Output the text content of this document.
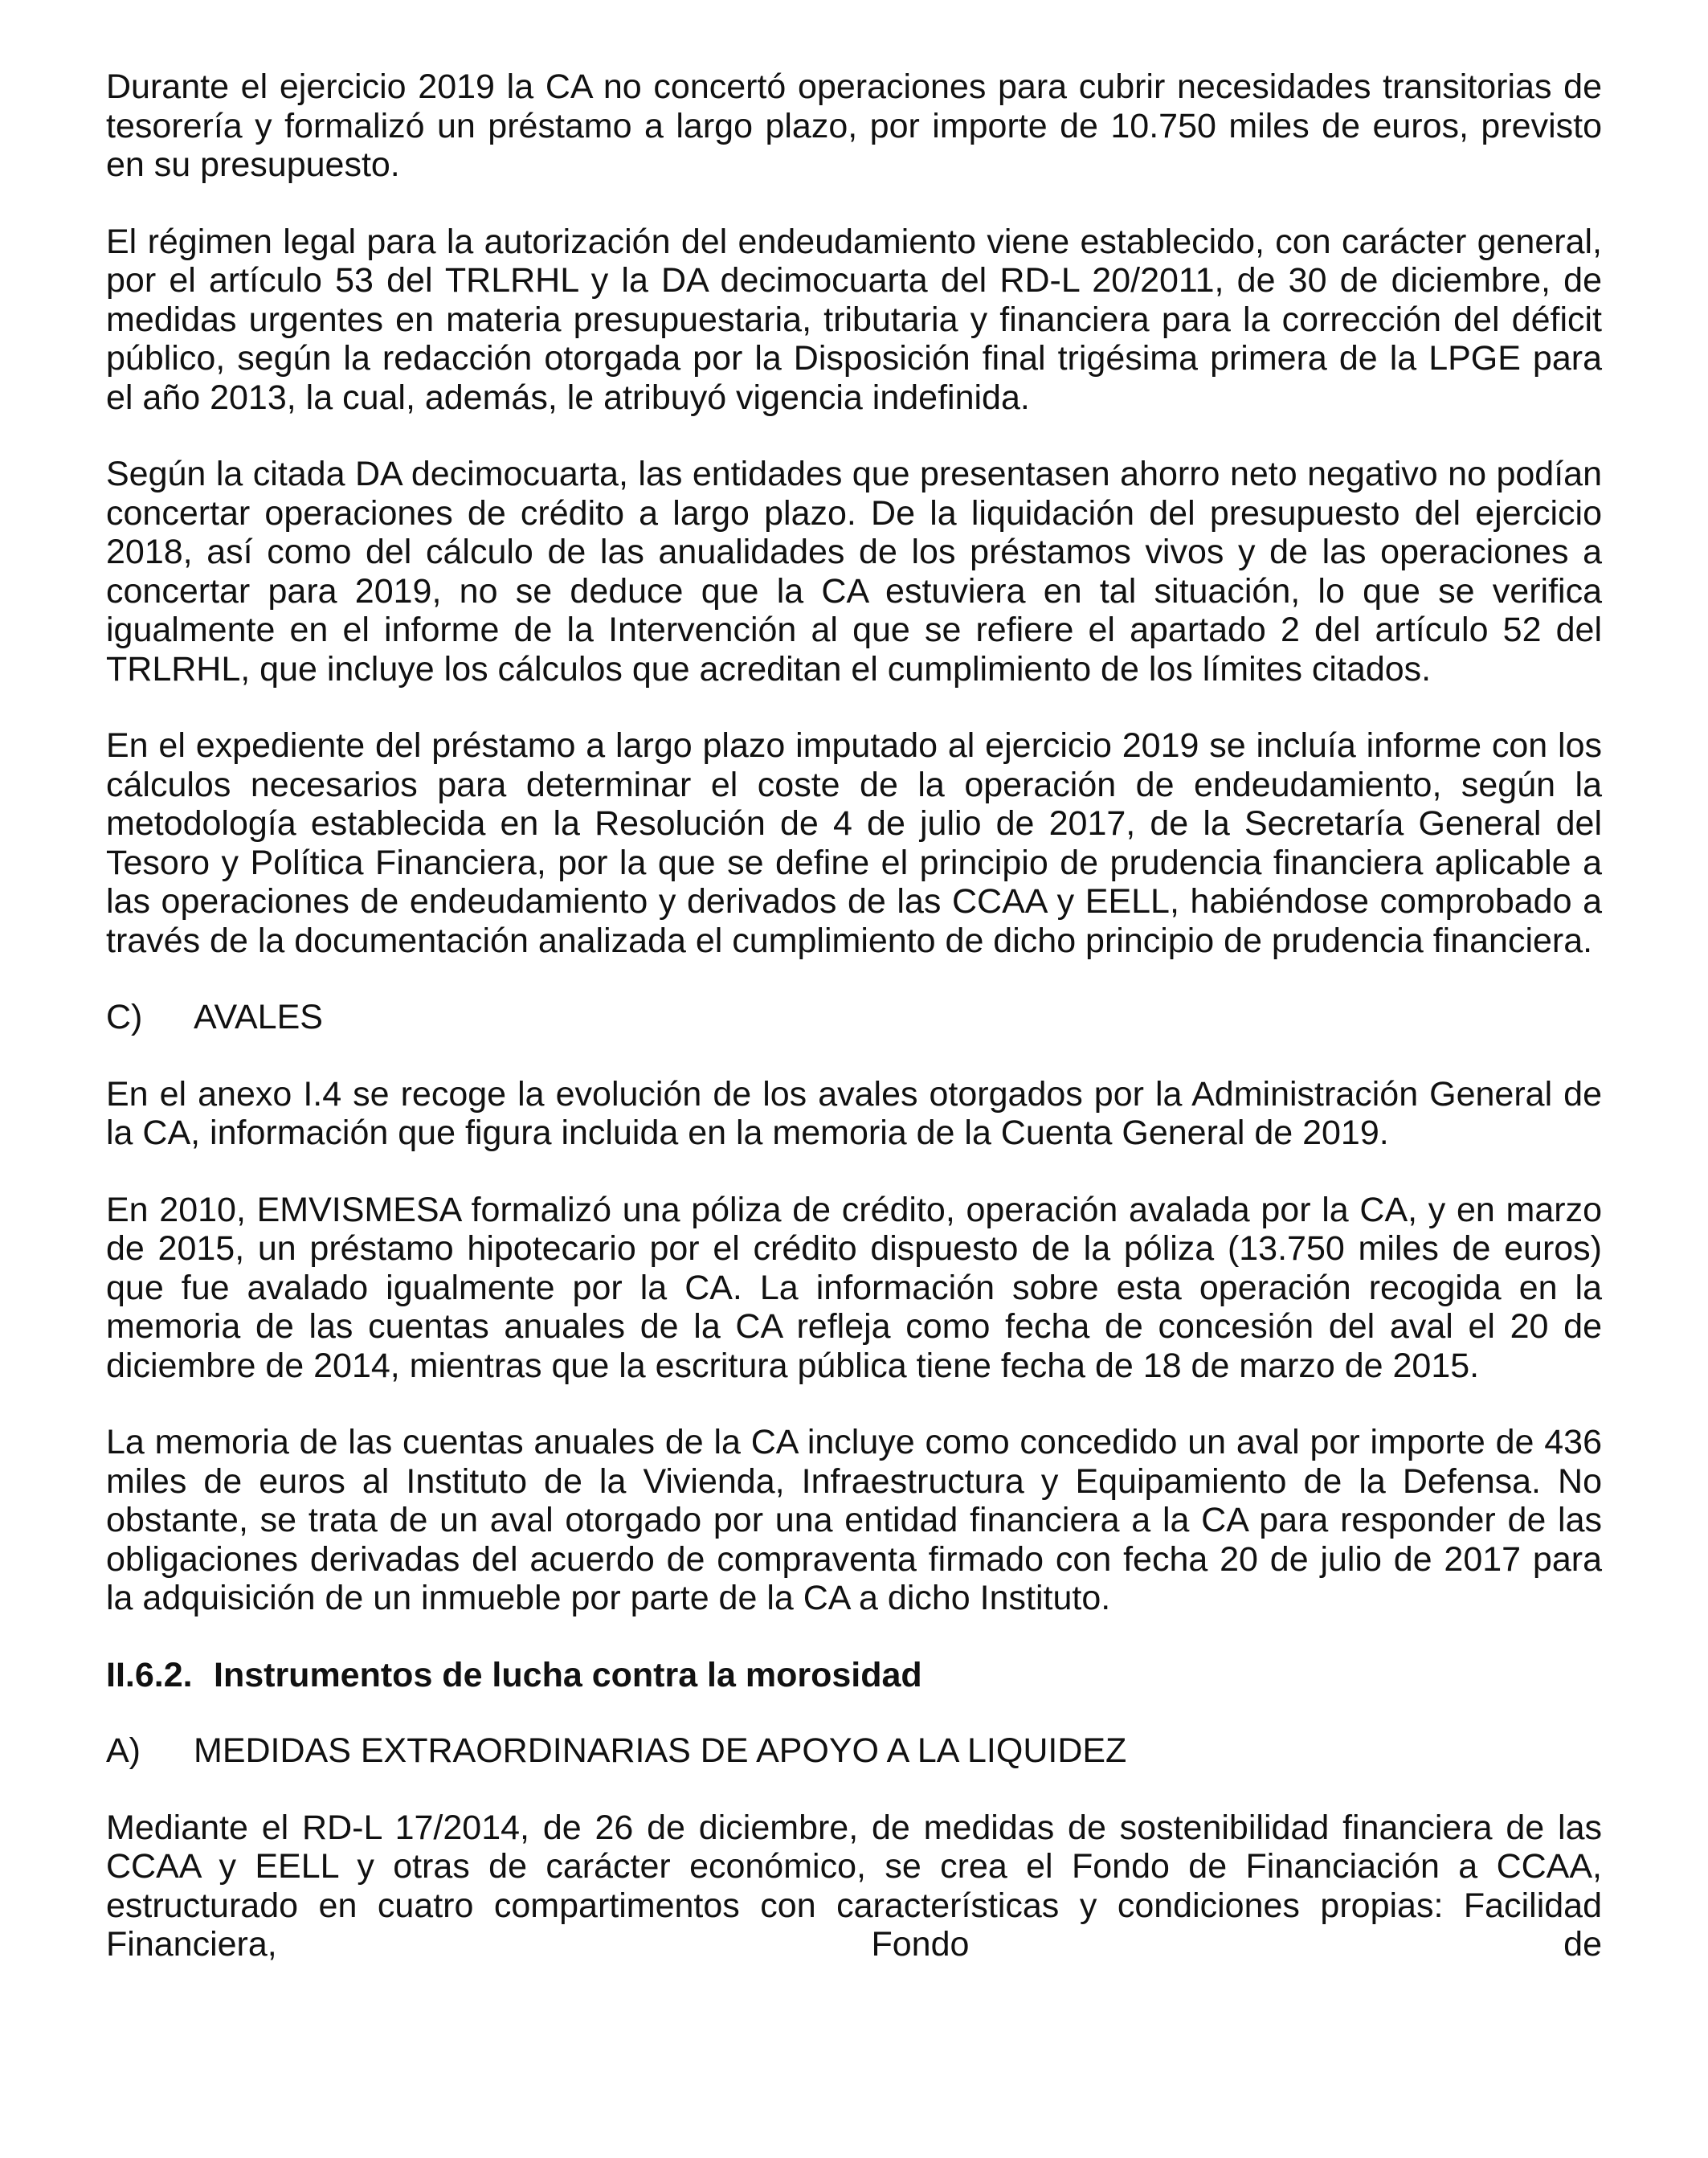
Durante el ejercicio 2019 la CA no concertó operaciones para cubrir necesidades transitorias de tesorería y formalizó un préstamo a largo plazo, por importe de 10.750 miles de euros, previsto en su presupuesto.

El régimen legal para la autorización del endeudamiento viene establecido, con carácter general, por el artículo 53 del TRLRHL y la DA decimocuarta del RD-L 20/2011, de 30 de diciembre, de medidas urgentes en materia presupuestaria, tributaria y financiera para la corrección del déficit público, según la redacción otorgada por la Disposición final trigésima primera de la LPGE para el año 2013, la cual, además, le atribuyó vigencia indefinida.

Según la citada DA decimocuarta, las entidades que presentasen ahorro neto negativo no podían concertar operaciones de crédito a largo plazo. De la liquidación del presupuesto del ejercicio 2018, así como del cálculo de las anualidades de los préstamos vivos y de las operaciones a concertar para 2019, no se deduce que la CA estuviera en tal situación, lo que se verifica igualmente en el informe de la Intervención al que se refiere el apartado 2 del artículo 52 del TRLRHL, que incluye los cálculos que acreditan el cumplimiento de los límites citados.

En el expediente del préstamo a largo plazo imputado al ejercicio 2019 se incluía informe con los cálculos necesarios para determinar el coste de la operación de endeudamiento, según la metodología establecida en la Resolución de 4 de julio de 2017, de la Secretaría General del Tesoro y Política Financiera, por la que se define el principio de prudencia financiera aplicable a las operaciones de endeudamiento y derivados de las CCAA y EELL, habiéndose comprobado a través de la documentación analizada el cumplimiento de dicho principio de prudencia financiera.

C)	AVALES

En el anexo I.4 se recoge la evolución de los avales otorgados por la Administración General de la CA, información que figura incluida en la memoria de la Cuenta General de 2019.

En 2010, EMVISMESA formalizó una póliza de crédito, operación avalada por la CA, y en marzo de 2015, un préstamo hipotecario por el crédito dispuesto de la póliza (13.750 miles de euros) que fue avalado igualmente por la CA. La información sobre esta operación recogida en la memoria de las cuentas anuales de la CA refleja como fecha de concesión del aval el 20 de diciembre de 2014, mientras que la escritura pública tiene fecha de 18 de marzo de 2015.

La memoria de las cuentas anuales de la CA incluye como concedido un aval por importe de 436 miles de euros al Instituto de la Vivienda, Infraestructura y Equipamiento de la Defensa. No obstante, se trata de un aval otorgado por una entidad financiera a la CA para responder de las obligaciones derivadas del acuerdo de compraventa firmado con fecha 20 de julio de 2017 para la adquisición de un inmueble por parte de la CA a dicho Instituto.

II.6.2. Instrumentos de lucha contra la morosidad
A)	MEDIDAS EXTRAORDINARIAS DE APOYO A LA LIQUIDEZ

Mediante el RD-L 17/2014, de 26 de diciembre, de medidas de sostenibilidad financiera de las CCAA y EELL y otras de carácter económico, se crea el Fondo de Financiación a CCAA, estructurado en cuatro compartimentos con características y condiciones propias: Facilidad Financiera, Fondo de
